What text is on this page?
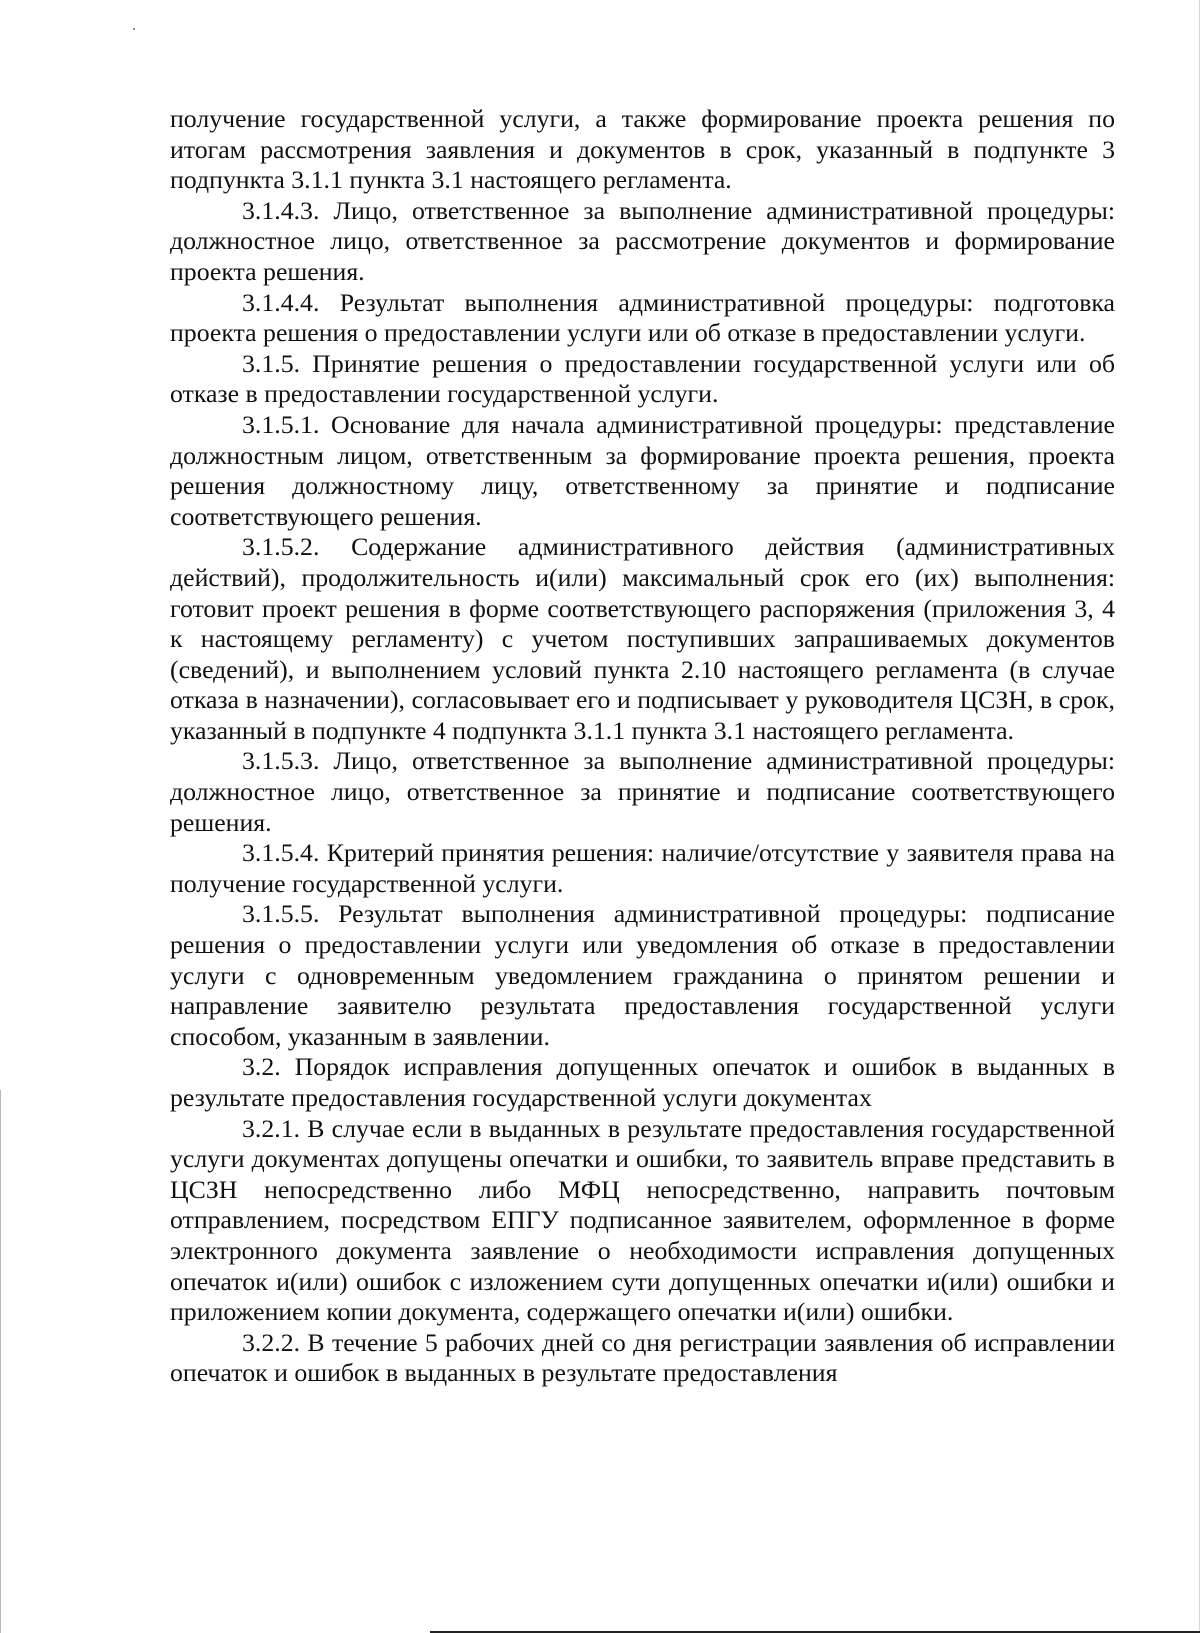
получение государственной услуги, а также формирование проекта решения по итогам рассмотрения заявления и документов в срок, указанный в подпункте 3 подпункта 3.1.1 пункта 3.1 настоящего регламента.

3.1.4.3. Лицо, ответственное за выполнение административной процедуры: должностное лицо, ответственное за рассмотрение документов и формирование проекта решения.

3.1.4.4. Результат выполнения административной процедуры: подготовка проекта решения о предоставлении услуги или об отказе в предоставлении услуги.

3.1.5. Принятие решения о предоставлении государственной услуги или об отказе в предоставлении государственной услуги.

3.1.5.1. Основание для начала административной процедуры: представление должностным лицом, ответственным за формирование проекта решения, проекта решения должностному лицу, ответственному за принятие и подписание соответствующего решения.

3.1.5.2. Содержание административного действия (административных действий), продолжительность и(или) максимальный срок его (их) выполнения: готовит проект решения в форме соответствующего распоряжения (приложения 3, 4 к настоящему регламенту) с учетом поступивших запрашиваемых документов (сведений), и выполнением условий пункта 2.10 настоящего регламента (в случае отказа в назначении), согласовывает его и подписывает у руководителя ЦСЗН, в срок, указанный в подпункте 4 подпункта 3.1.1 пункта 3.1 настоящего регламента.

3.1.5.3. Лицо, ответственное за выполнение административной процедуры: должностное лицо, ответственное за принятие и подписание соответствующего решения.

3.1.5.4. Критерий принятия решения: наличие/отсутствие у заявителя права на получение государственной услуги.

3.1.5.5. Результат выполнения административной процедуры: подписание решения о предоставлении услуги или уведомления об отказе в предоставлении услуги с одновременным уведомлением гражданина о принятом решении и направление заявителю результата предоставления государственной услуги способом, указанным в заявлении.

3.2. Порядок исправления допущенных опечаток и ошибок в выданных в результате предоставления государственной услуги документах

3.2.1. В случае если в выданных в результате предоставления государственной услуги документах допущены опечатки и ошибки, то заявитель вправе представить в ЦСЗН непосредственно либо МФЦ непосредственно, направить почтовым отправлением, посредством ЕПГУ подписанное заявителем, оформленное в форме электронного документа заявление о необходимости исправления допущенных опечаток и(или) ошибок с изложением сути допущенных опечатки и(или) ошибки и приложением копии документа, содержащего опечатки и(или) ошибки.

3.2.2. В течение 5 рабочих дней со дня регистрации заявления об исправлении опечаток и ошибок в выданных в результате предоставления
